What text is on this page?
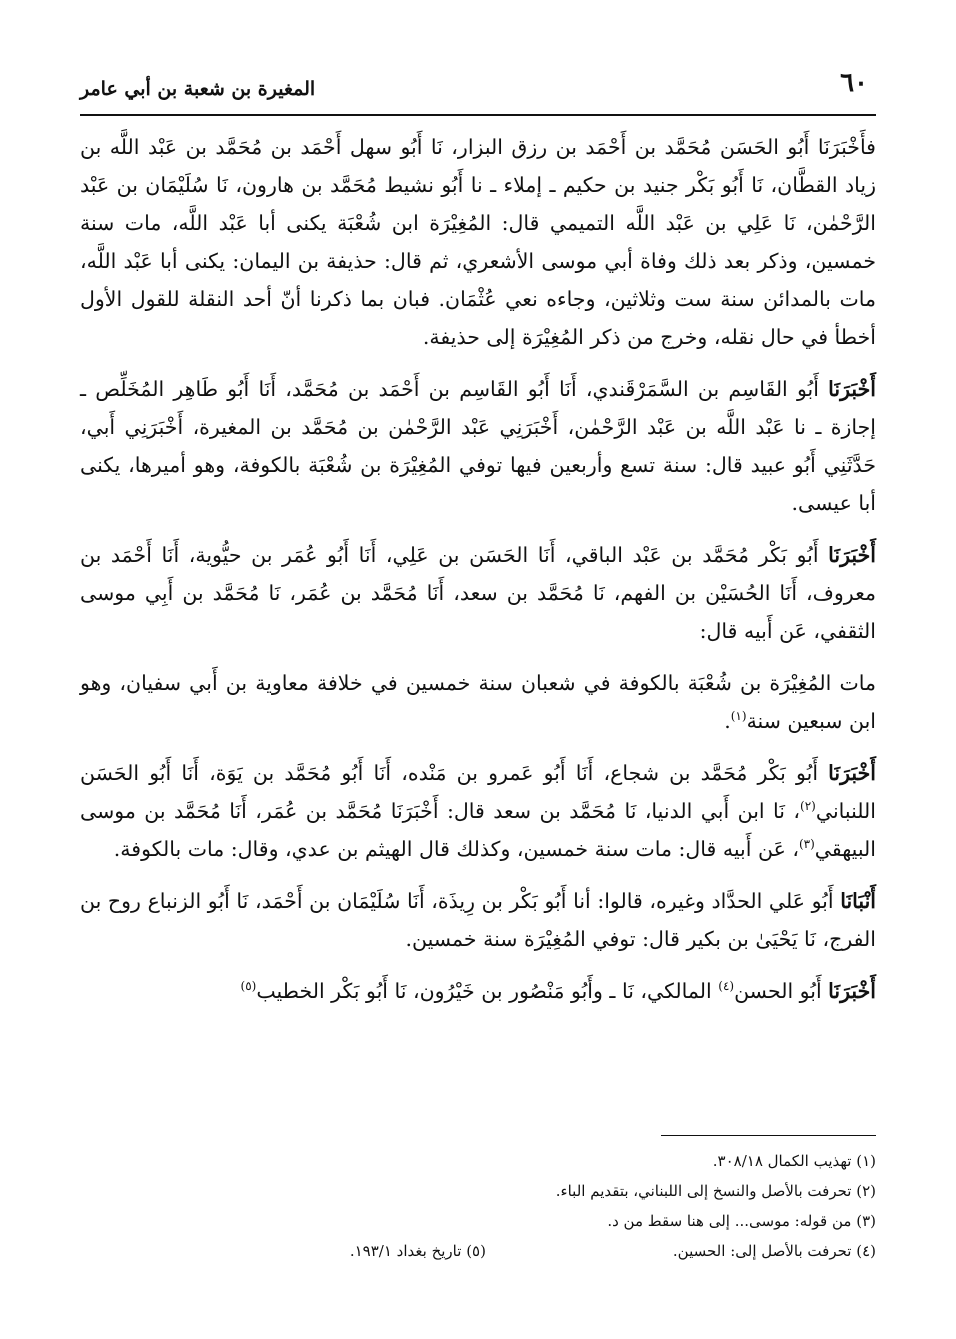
٦٠
المغيرة بن شعبة بن أبي عامر

فأَخْبَرَنَا أَبُو الحَسَن مُحَمَّد بن أَحْمَد بن رزق البزار، نَا أَبُو سهل أَحْمَد بن مُحَمَّد بن عَبْد اللَّه بن زياد القطَّان، نَا أَبُو بَكْر جنيد بن حكيم ـ إملاء ـ نا أَبُو نشيط مُحَمَّد بن هارون، نَا سُلَيْمَان بن عَبْد الرَّحْمٰن، نَا عَلِي بن عَبْد اللَّه التميمي قال: المُغِيْرَة ابن شُعْبَة يكنى أبا عَبْد اللَّه، مات سنة خمسين، وذكر بعد ذلك وفاة أبي موسى الأشعري، ثم قال: حذيفة بن اليمان: يكنى أبا عَبْد اللَّه، مات بالمدائن سنة ست وثلاثين، وجاءه نعي عُثْمَان. فبان بما ذكرنا أنّ أحد النقلة للقول الأول أخطأ في حال نقله، وخرج من ذكر المُغِيْرَة إلى حذيفة.

أَخْبَرَنَا أَبُو القَاسِم بن السَّمَرْقَندي، أَنَا أَبُو القَاسِم بن أَحْمَد بن مُحَمَّد، أَنَا أَبُو طَاهِر المُخَلِّص ـ إجازة ـ نا عَبْد اللَّه بن عَبْد الرَّحْمٰن، أَخْبَرَنِي عَبْد الرَّحْمٰن بن مُحَمَّد بن المغيرة، أَخْبَرَنِي أَبي، حَدَّثَنِي أَبُو عبيد قال: سنة تسع وأربعين فيها توفي المُغِيْرَة بن شُعْبَة بالكوفة، وهو أميرها، يكنى أبا عيسى.

أَخْبَرَنَا أَبُو بَكْر مُحَمَّد بن عَبْد الباقي، أَنَا الحَسَن بن عَلِي، أَنَا أَبُو عُمَر بن حيُّوية، أَنَا أَحْمَد بن معروف، أَنَا الحُسَيْن بن الفهم، نَا مُحَمَّد بن سعد، أَنَا مُحَمَّد بن عُمَر، نَا مُحَمَّد بن أَبِي موسى الثقفي، عَن أَبيه قال:

مات المُغِيْرَة بن شُعْبَة بالكوفة في شعبان سنة خمسين في خلافة معاوية بن أَبي سفيان، وهو ابن سبعين سنة$^{(١)}$.

أَخْبَرَنَا أَبُو بَكْر مُحَمَّد بن شجاع، أَنَا أَبُو عَمرو بن مَنْده، أَنَا أَبُو مُحَمَّد بن يَوَة، أَنَا أَبُو الحَسَن اللنباني$^{(٢)}$، نَا ابن أَبي الدنيا، نَا مُحَمَّد بن سعد قال: أَخْبَرَنَا مُحَمَّد بن عُمَر، أَنَا مُحَمَّد بن موسى البيهقي$^{(٣)}$، عَن أَبيه قال: مات سنة خمسين، وكذلك قال الهيثم بن عدي، وقال: مات بالكوفة.

أَنْبَانَا أَبُو عَلي الحدَّاد وغيره، قالوا: أنا أَبُو بَكْر بن رِيذَة، أَنَا سُلَيْمَان بن أَحْمَد، نَا أَبُو الزنباع روح بن الفرج، نَا يَحْيَىٰ بن بكير قال: توفي المُغِيْرَة سنة خمسين.

أَخْبَرَنَا أَبُو الحسن$^{(٤)}$ المالكي، نَا ـ وأَبُو مَنْصُور بن خَيْرُون، نَا أَبُو بَكْر الخطيب$^{(٥)}$

(١) تهذيب الكمال ٣٠٨/١٨.
(٢) تحرفت بالأصل والنسخ إلى اللبناني، بتقديم الباء.
(٣) من قوله: موسى... إلى هنا سقط من د.
(٤) تحرفت بالأصل إلى: الحسين.
(٥) تاريخ بغداد ١٩٣/١.
